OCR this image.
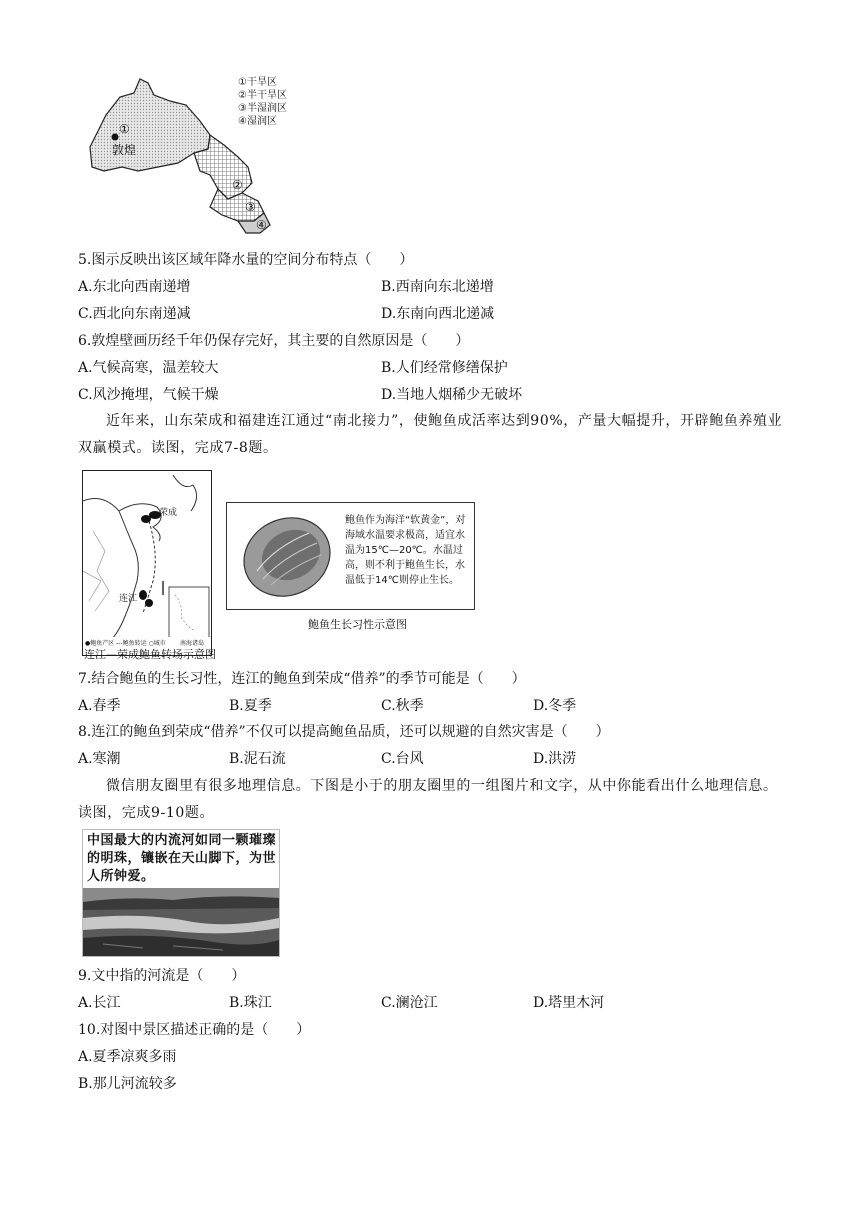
①
敦煌
②
③
④
①干旱区
②半干旱区
③半湿润区
④湿润区
5.图示反映出该区域年降水量的空间分布特点（　　）
A.东北向西南递增	B.西南向东北递增
C.西北向东南递减	D.东南向西北递减
6.敦煌壁画历经千年仍保存完好，其主要的自然原因是（　　）
A.气候高寒，温差较大	B.人们经常修缮保护
C.风沙掩埋，气候干燥	D.当地人烟稀少无破坏
近年来，山东荣成和福建连江通过“南北接力”，使鲍鱼成活率达到90%，产量大幅提升，开辟鲍鱼养殖业双赢模式。读图，完成7-8题。
荣成
连江
●鲍鱼产区 ---鲍鱼转运 ○城市 南海诸岛
连江—荣成鲍鱼转场示意图
鲍鱼作为海洋“软黄金”，对海域水温要求极高，适宜水温为15℃—20℃。水温过高，则不利于鲍鱼生长，水温低于14℃则停止生长。
鲍鱼生长习性示意图
7.结合鲍鱼的生长习性，连江的鲍鱼到荣成“借养”的季节可能是（　　）
A.春季	B.夏季	C.秋季	D.冬季
8.连江的鲍鱼到荣成“借养”不仅可以提高鲍鱼品质，还可以规避的自然灾害是（　　）
A.寒潮	B.泥石流	C.台风	D.洪涝
微信朋友圈里有很多地理信息。下图是小于的朋友圈里的一组图片和文字，从中你能看出什么地理信息。读图，完成9-10题。
中国最大的内流河如同一颗璀璨的明珠，镶嵌在天山脚下，为世人所钟爱。
9.文中指的河流是（　　）
A.长江	B.珠江	C.澜沧江	D.塔里木河
10.对图中景区描述正确的是（　　）
A.夏季凉爽多雨
B.那儿河流较多
